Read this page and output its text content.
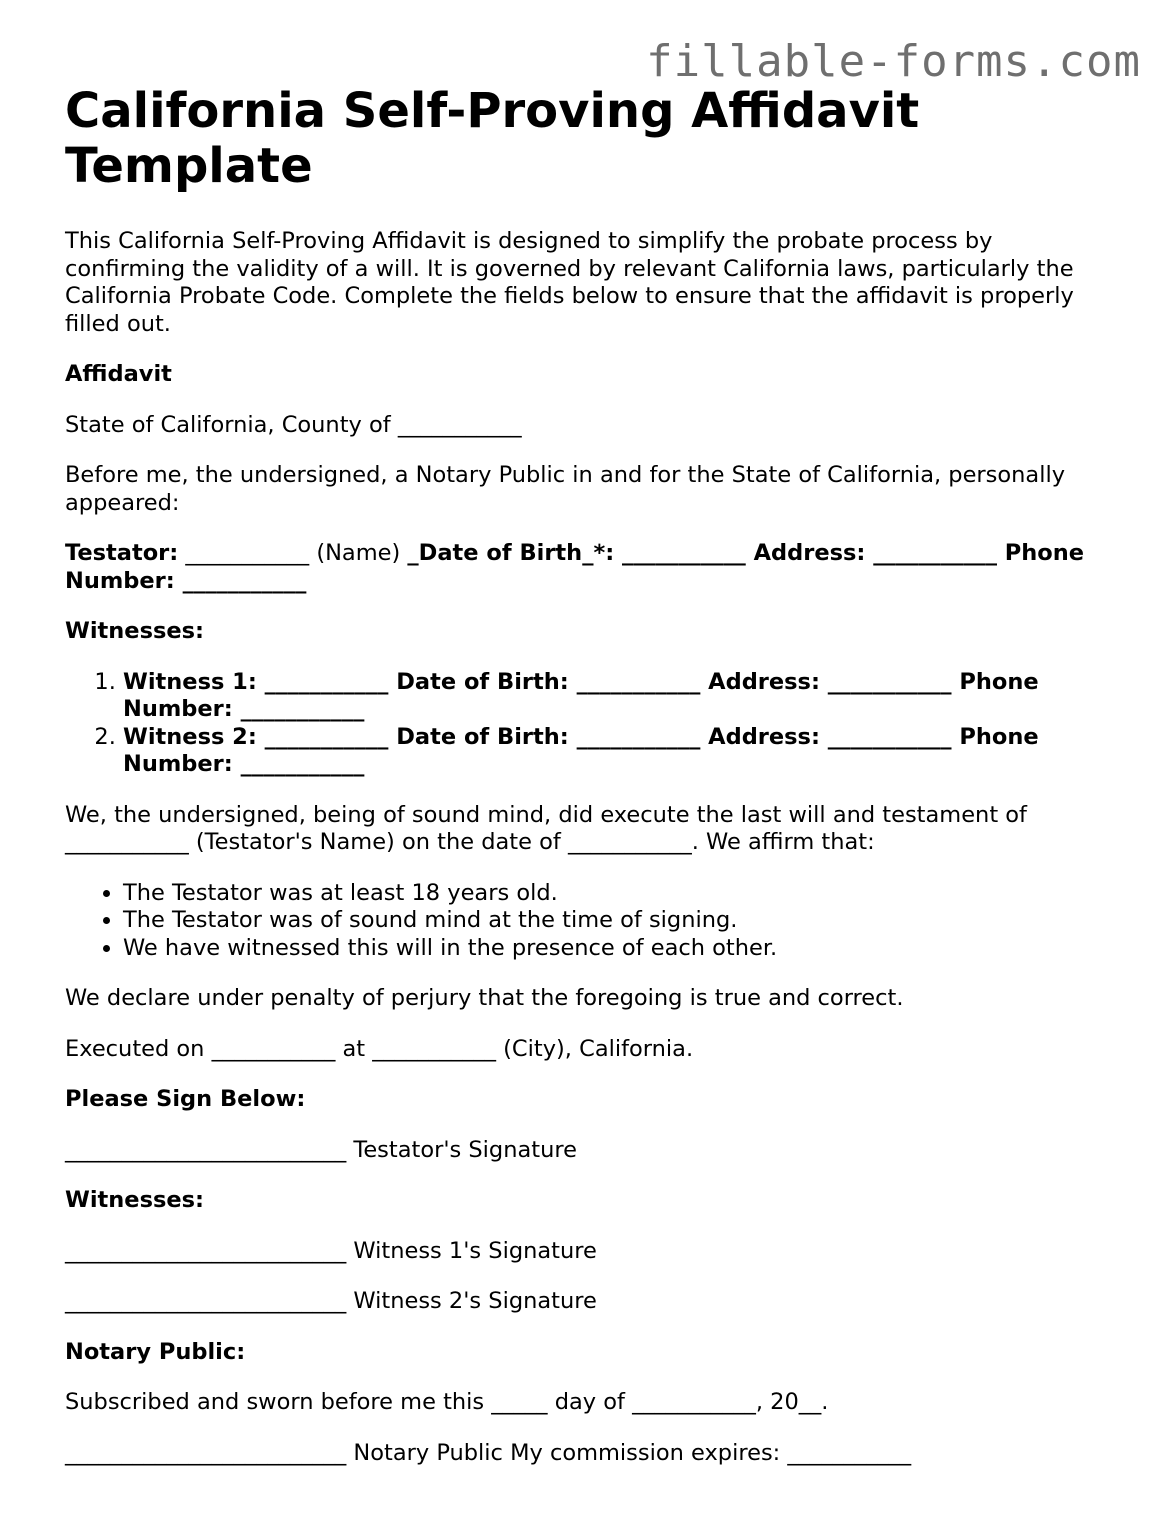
fillable-forms.com
California Self-Proving Affidavit Template

This California Self-Proving Affidavit is designed to simplify the probate process by confirming the validity of a will. It is governed by relevant California laws, particularly the California Probate Code. Complete the fields below to ensure that the affidavit is properly filled out.

Affidavit

State of California, County of ___________

Before me, the undersigned, a Notary Public in and for the State of California, personally appeared:

Testator: ___________ (Name) _Date of Birth_*: ___________ Address: ___________ Phone Number: ___________

Witnesses:

1. Witness 1: ___________ Date of Birth: ___________ Address: ___________ Phone Number: ___________
2. Witness 2: ___________ Date of Birth: ___________ Address: ___________ Phone Number: ___________

We, the undersigned, being of sound mind, did execute the last will and testament of ___________ (Testator's Name) on the date of ___________. We affirm that:

• The Testator was at least 18 years old.
• The Testator was of sound mind at the time of signing.
• We have witnessed this will in the presence of each other.

We declare under penalty of perjury that the foregoing is true and correct.

Executed on ___________ at ___________ (City), California.

Please Sign Below:

_________________________ Testator's Signature

Witnesses:

_________________________ Witness 1's Signature

_________________________ Witness 2's Signature

Notary Public:

Subscribed and sworn before me this _____ day of ___________, 20__.

_________________________ Notary Public My commission expires: ___________
